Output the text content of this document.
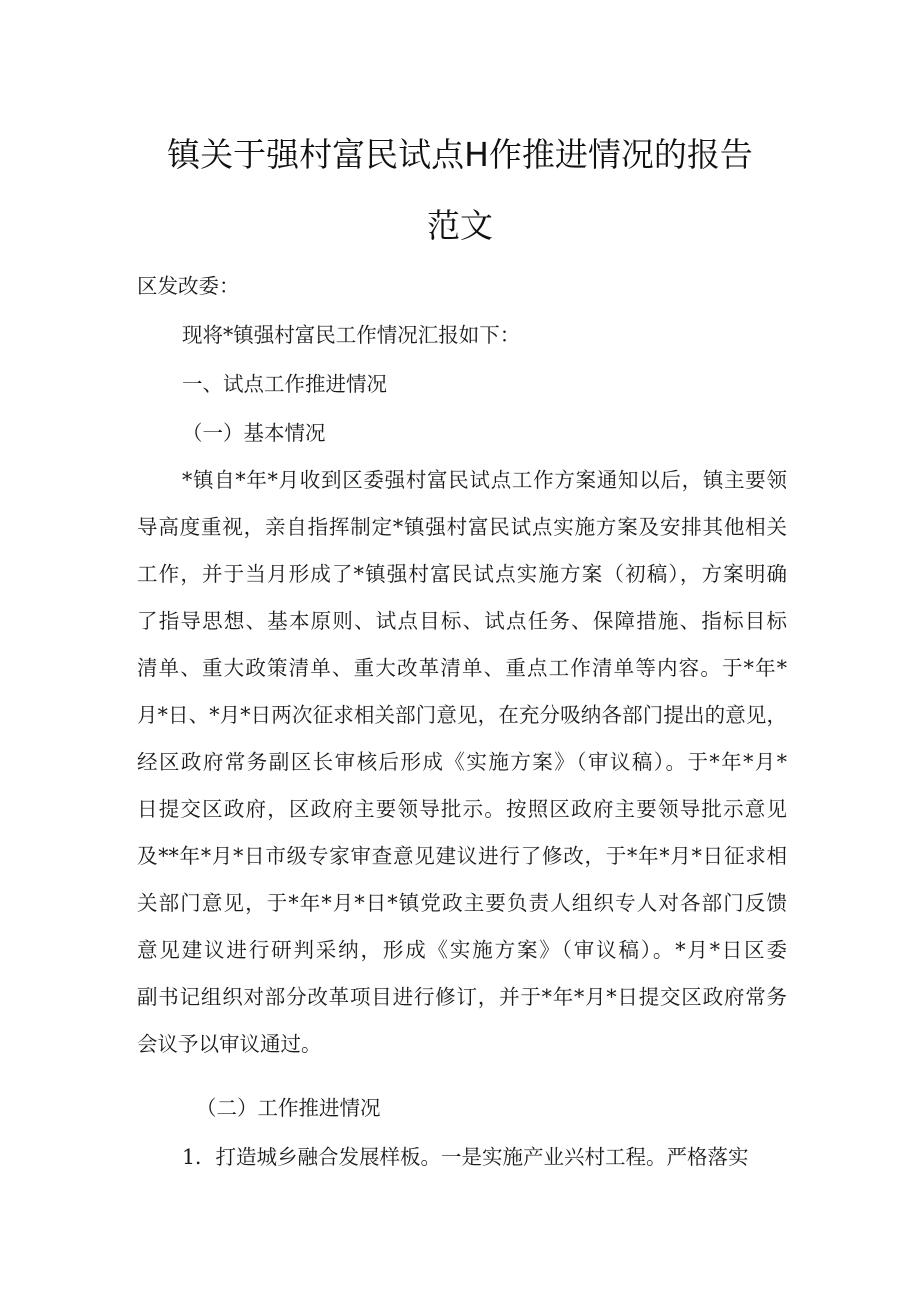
镇关于强村富民试点H作推进情况的报告
范文
区发改委：
现将*镇强村富民工作情况汇报如下：
一、试点工作推进情况
（一）基本情况
*镇自*年*月收到区委强村富民试点工作方案通知以后，镇主要领
导高度重视，亲自指挥制定*镇强村富民试点实施方案及安排其他相关
工作，并于当月形成了*镇强村富民试点实施方案（初稿），方案明确
了指导思想、基本原则、试点目标、试点任务、保障措施、指标目标
清单、重大政策清单、重大改革清单、重点工作清单等内容。于*年*
月*日、*月*日两次征求相关部门意见，在充分吸纳各部门提出的意见，
经区政府常务副区长审核后形成《实施方案》（审议稿）。于*年*月*
日提交区政府，区政府主要领导批示。按照区政府主要领导批示意见
及**年*月*日市级专家审查意见建议进行了修改，于*年*月*日征求相
关部门意见，于*年*月*日*镇党政主要负责人组织专人对各部门反馈
意见建议进行研判采纳，形成《实施方案》（审议稿）。*月*日区委
副书记组织对部分改革项目进行修订，并于*年*月*日提交区政府常务
会议予以审议通过。
（二）工作推进情况
1．打造城乡融合发展样板。一是实施产业兴村工程。严格落实
